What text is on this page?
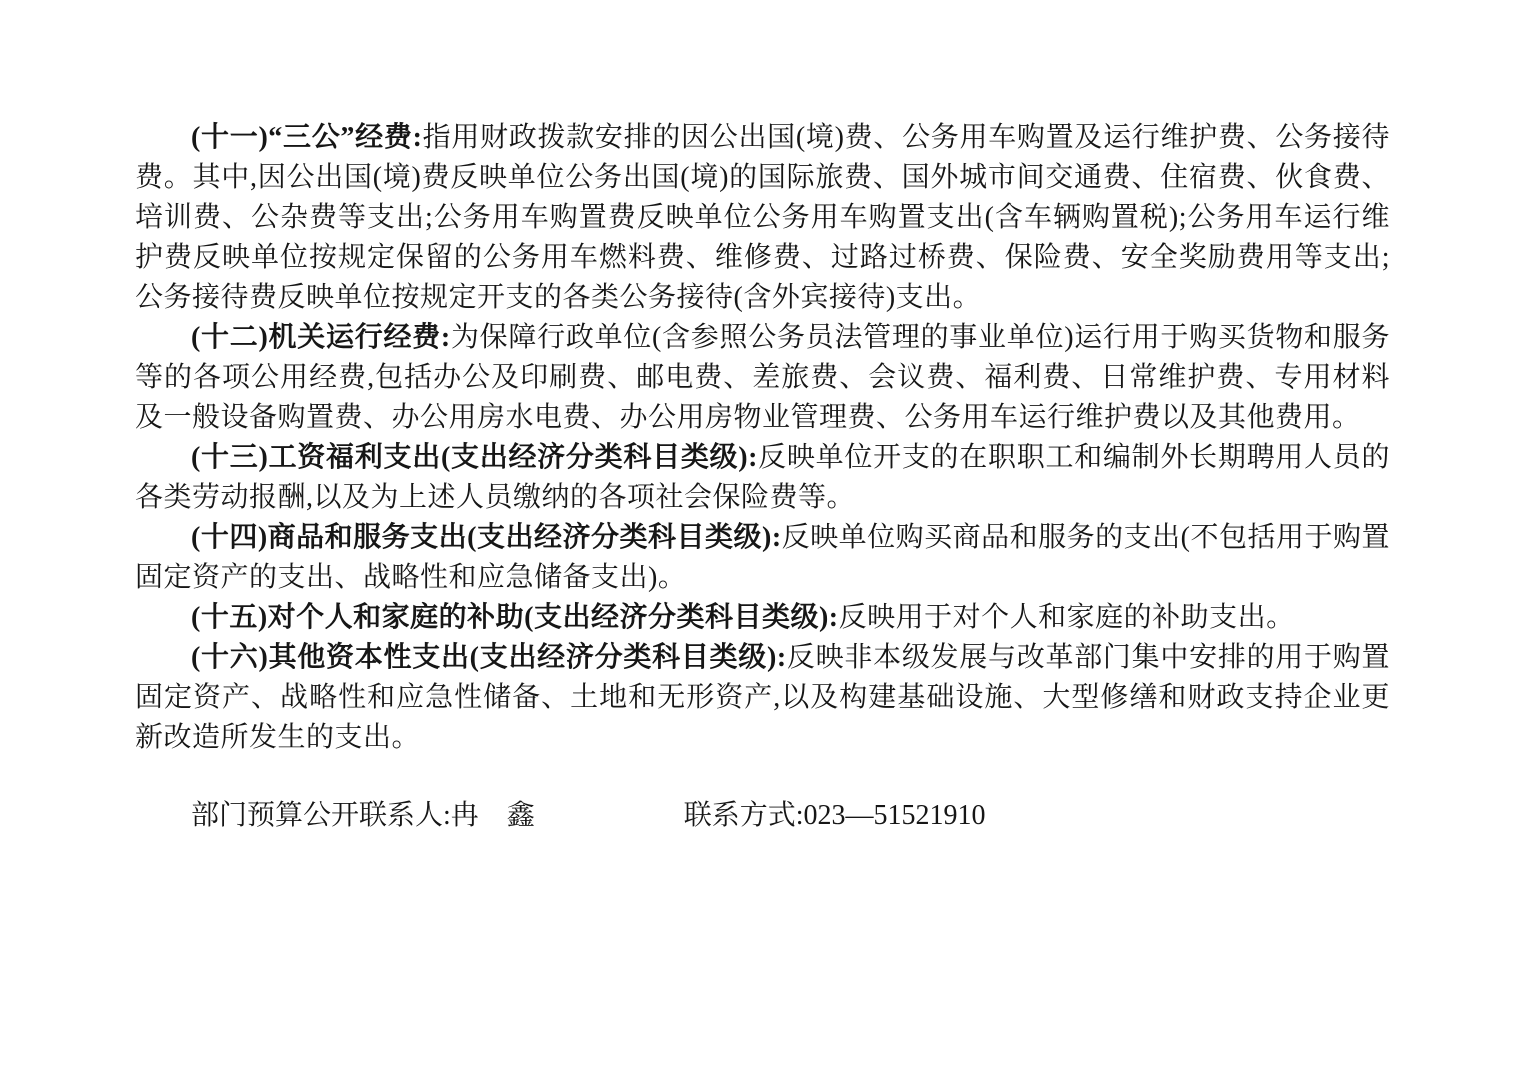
(十一)“三公”经费:指用财政拨款安排的因公出国(境)费、公务用车购置及运行维护费、公务接待费。其中,因公出国(境)费反映单位公务出国(境)的国际旅费、国外城市间交通费、住宿费、伙食费、培训费、公杂费等支出;公务用车购置费反映单位公务用车购置支出(含车辆购置税);公务用车运行维护费反映单位按规定保留的公务用车燃料费、维修费、过路过桥费、保险费、安全奖励费用等支出;公务接待费反映单位按规定开支的各类公务接待(含外宾接待)支出。

(十二)机关运行经费:为保障行政单位(含参照公务员法管理的事业单位)运行用于购买货物和服务等的各项公用经费,包括办公及印刷费、邮电费、差旅费、会议费、福利费、日常维护费、专用材料及一般设备购置费、办公用房水电费、办公用房物业管理费、公务用车运行维护费以及其他费用。

(十三)工资福利支出(支出经济分类科目类级):反映单位开支的在职职工和编制外长期聘用人员的各类劳动报酬,以及为上述人员缴纳的各项社会保险费等。

(十四)商品和服务支出(支出经济分类科目类级):反映单位购买商品和服务的支出(不包括用于购置固定资产的支出、战略性和应急储备支出)。

(十五)对个人和家庭的补助(支出经济分类科目类级):反映用于对个人和家庭的补助支出。

(十六)其他资本性支出(支出经济分类科目类级):反映非本级发展与改革部门集中安排的用于购置固定资产、战略性和应急性储备、土地和无形资产,以及构建基础设施、大型修缮和财政支持企业更新改造所发生的支出。

部门预算公开联系人:冉　鑫	联系方式:023—51521910
